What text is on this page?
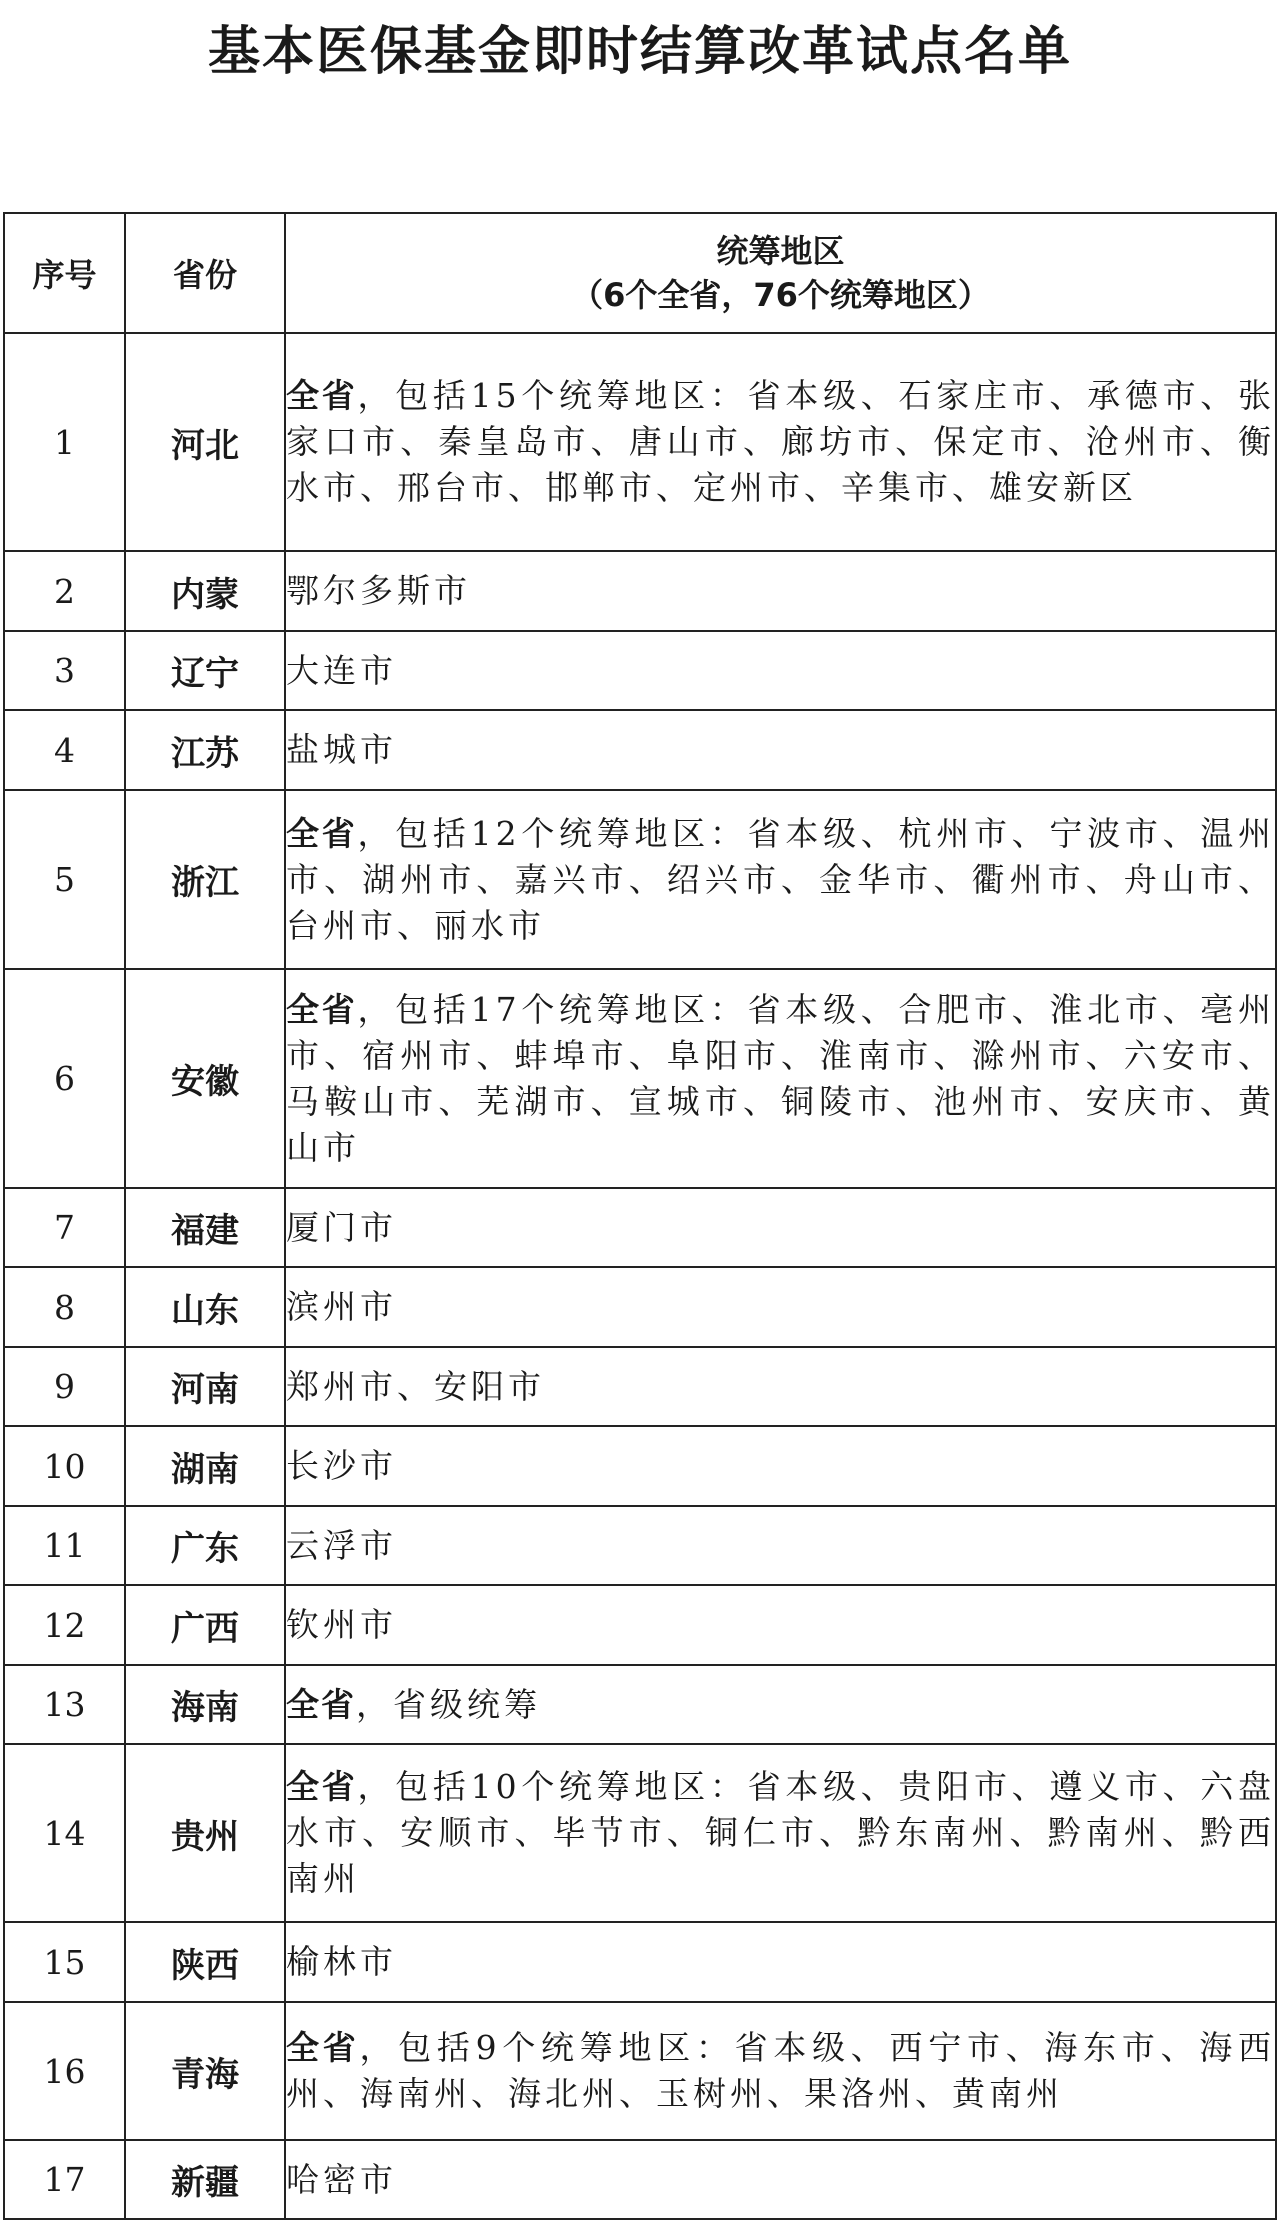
基本医保基金即时结算改革试点名单
序号	省份	统筹地区
（6个全省，76个统筹地区）

1	河北	全省，包括15个统筹地区：省本级、石家庄市、承德市、张家口市、秦皇岛市、唐山市、廊坊市、保定市、沧州市、衡水市、邢台市、邯郸市、定州市、辛集市、雄安新区
2	内蒙	鄂尔多斯市
3	辽宁	大连市
4	江苏	盐城市
5	浙江	全省，包括12个统筹地区：省本级、杭州市、宁波市、温州市、湖州市、嘉兴市、绍兴市、金华市、衢州市、舟山市、台州市、丽水市
6	安徽	全省，包括17个统筹地区：省本级、合肥市、淮北市、亳州市、宿州市、蚌埠市、阜阳市、淮南市、滁州市、六安市、马鞍山市、芜湖市、宣城市、铜陵市、池州市、安庆市、黄山市
7	福建	厦门市
8	山东	滨州市
9	河南	郑州市、安阳市
10	湖南	长沙市
11	广东	云浮市
12	广西	钦州市
13	海南	全省，省级统筹
14	贵州	全省，包括10个统筹地区：省本级、贵阳市、遵义市、六盘水市、安顺市、毕节市、铜仁市、黔东南州、黔南州、黔西南州
15	陕西	榆林市
16	青海	全省，包括9个统筹地区：省本级、西宁市、海东市、海西州、海南州、海北州、玉树州、果洛州、黄南州
17	新疆	哈密市
